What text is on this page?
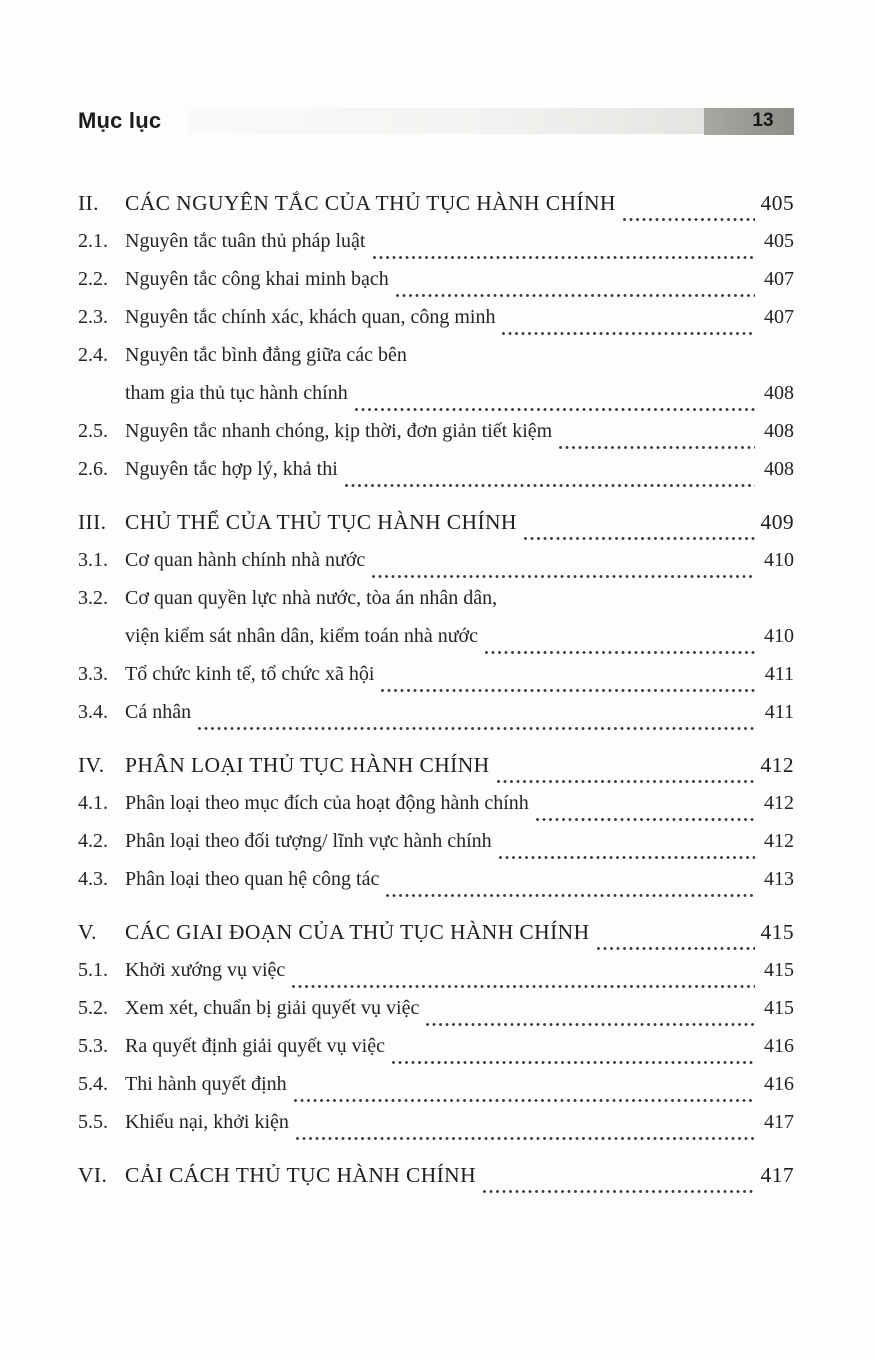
Mục lục	13
II.	CÁC NGUYÊN TẮC CỦA THỦ TỤC HÀNH CHÍNH	405
2.1. Nguyên tắc tuân thủ pháp luật	405
2.2. Nguyên tắc công khai minh bạch	407
2.3. Nguyên tắc chính xác, khách quan, công minh	407
2.4. Nguyên tắc bình đẳng giữa các bên
tham gia thủ tục hành chính	408
2.5. Nguyên tắc nhanh chóng, kịp thời, đơn giản tiết kiệm	408
2.6. Nguyên tắc hợp lý, khả thi	408
III. CHỦ THỂ CỦA THỦ TỤC HÀNH CHÍNH	409
3.1. Cơ quan hành chính nhà nước	410
3.2. Cơ quan quyền lực nhà nước, tòa án nhân dân,
viện kiểm sát nhân dân, kiểm toán nhà nước	410
3.3. Tổ chức kinh tế, tổ chức xã hội	411
3.4. Cá nhân	411
IV. PHÂN LOẠI THỦ TỤC HÀNH CHÍNH	412
4.1. Phân loại theo mục đích của hoạt động hành chính	412
4.2. Phân loại theo đối tượng/ lĩnh vực hành chính	412
4.3. Phân loại theo quan hệ công tác	413
V.	CÁC GIAI ĐOẠN CỦA THỦ TỤC HÀNH CHÍNH	415
5.1. Khởi xướng vụ việc	415
5.2. Xem xét, chuẩn bị giải quyết vụ việc	415
5.3. Ra quyết định giải quyết vụ việc	416
5.4. Thi hành quyết định	416
5.5. Khiếu nại, khởi kiện	417
VI. CẢI CÁCH THỦ TỤC HÀNH CHÍNH	417
